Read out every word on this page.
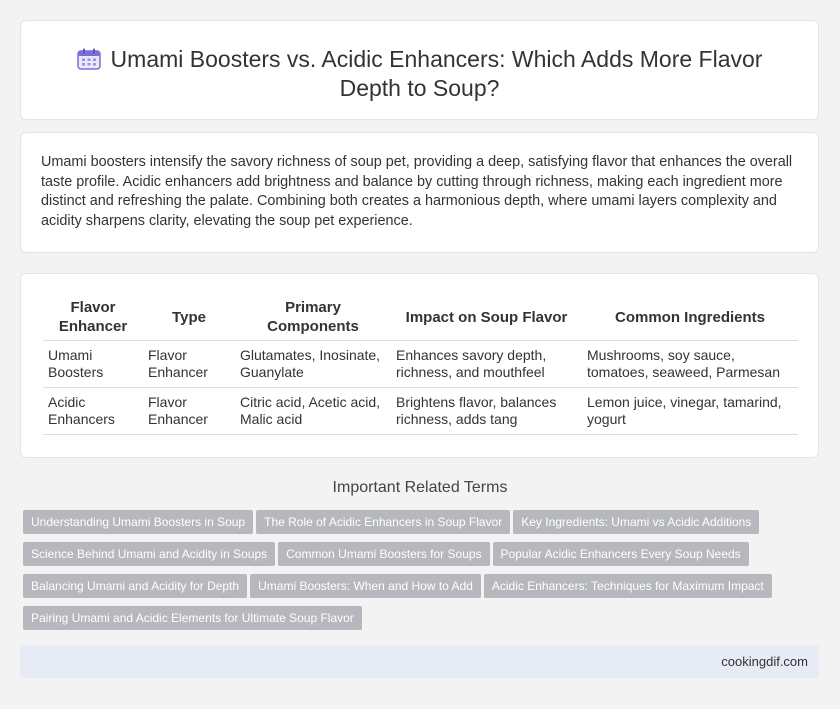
Umami Boosters vs. Acidic Enhancers: Which Adds More Flavor Depth to Soup?

Umami boosters intensify the savory richness of soup pet, providing a deep, satisfying flavor that enhances the overall taste profile. Acidic enhancers add brightness and balance by cutting through richness, making each ingredient more distinct and refreshing the palate. Combining both creates a harmonious depth, where umami layers complexity and acidity sharpens clarity, elevating the soup pet experience.

Flavor Enhancer	Type	Primary Components	Impact on Soup Flavor	Common Ingredients
Umami Boosters	Flavor Enhancer	Glutamates, Inosinate, Guanylate	Enhances savory depth, richness, and mouthfeel	Mushrooms, soy sauce, tomatoes, seaweed, Parmesan
Acidic Enhancers	Flavor Enhancer	Citric acid, Acetic acid, Malic acid	Brightens flavor, balances richness, adds tang	Lemon juice, vinegar, tamarind, yogurt
Important Related Terms
Understanding Umami Boosters in Soup The Role of Acidic Enhancers in Soup Flavor Key Ingredients: Umami vs Acidic Additions
Science Behind Umami and Acidity in Soups Common Umami Boosters for Soups Popular Acidic Enhancers Every Soup Needs
Balancing Umami and Acidity for Depth Umami Boosters: When and How to Add Acidic Enhancers: Techniques for Maximum Impact
Pairing Umami and Acidic Elements for Ultimate Soup Flavor
cookingdif.com
